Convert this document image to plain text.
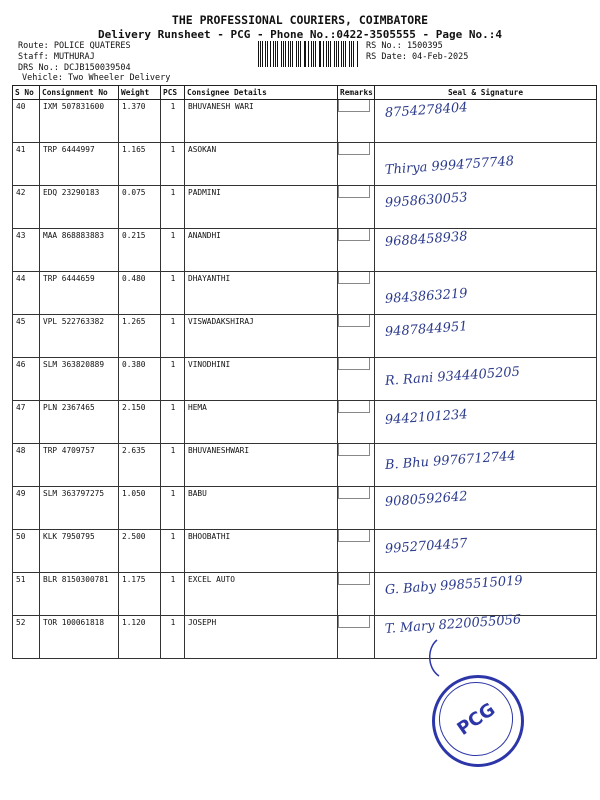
THE PROFESSIONAL COURIERS, COIMBATORE
Delivery Runsheet - PCG - Phone No.:0422-3505555 - Page No.:4
Route: POLICE QUATERES
Staff: MUTHURAJ
DRS No.: DCJB150039504
Vehicle: Two Wheeler Delivery
RS No.: 1500395
RS Date: 04-Feb-2025
S No	Consignment No	Weight	PCS	Consignee Details	Remarks	Seal & Signature
40	IXM 507831600	1.370	1	BHUVANESH WARI		8754278404

41	TRP 6444997	1.165	1	ASOKAN		Thirya 9994757748

42	EDQ 23290183	0.075	1	PADMINI		9958630053

43	MAA 868883883	0.215	1	ANANDHI		9688458938

44	TRP 6444659	0.480	1	DHAYANTHI		9843863219

45	VPL 522763382	1.265	1	VISWADAKSHIRAJ		9487844951

46	SLM 363820889	0.380	1	VINODHINI		R. Rani 9344405205

47	PLN 2367465	2.150	1	HEMA		9442101234

48	TRP 4709757	2.635	1	BHUVANESHWARI		B. Bhu 9976712744

49	SLM 363797275	1.050	1	BABU		9080592642

50	KLK 7950795	2.500	1	BHOOBATHI		9952704457

51	BLR 8150300781	1.175	1	EXCEL AUTO		G. Baby 9985515019

52	TOR 100061818	1.120	1	JOSEPH		T. Mary 8220055056
PCG
